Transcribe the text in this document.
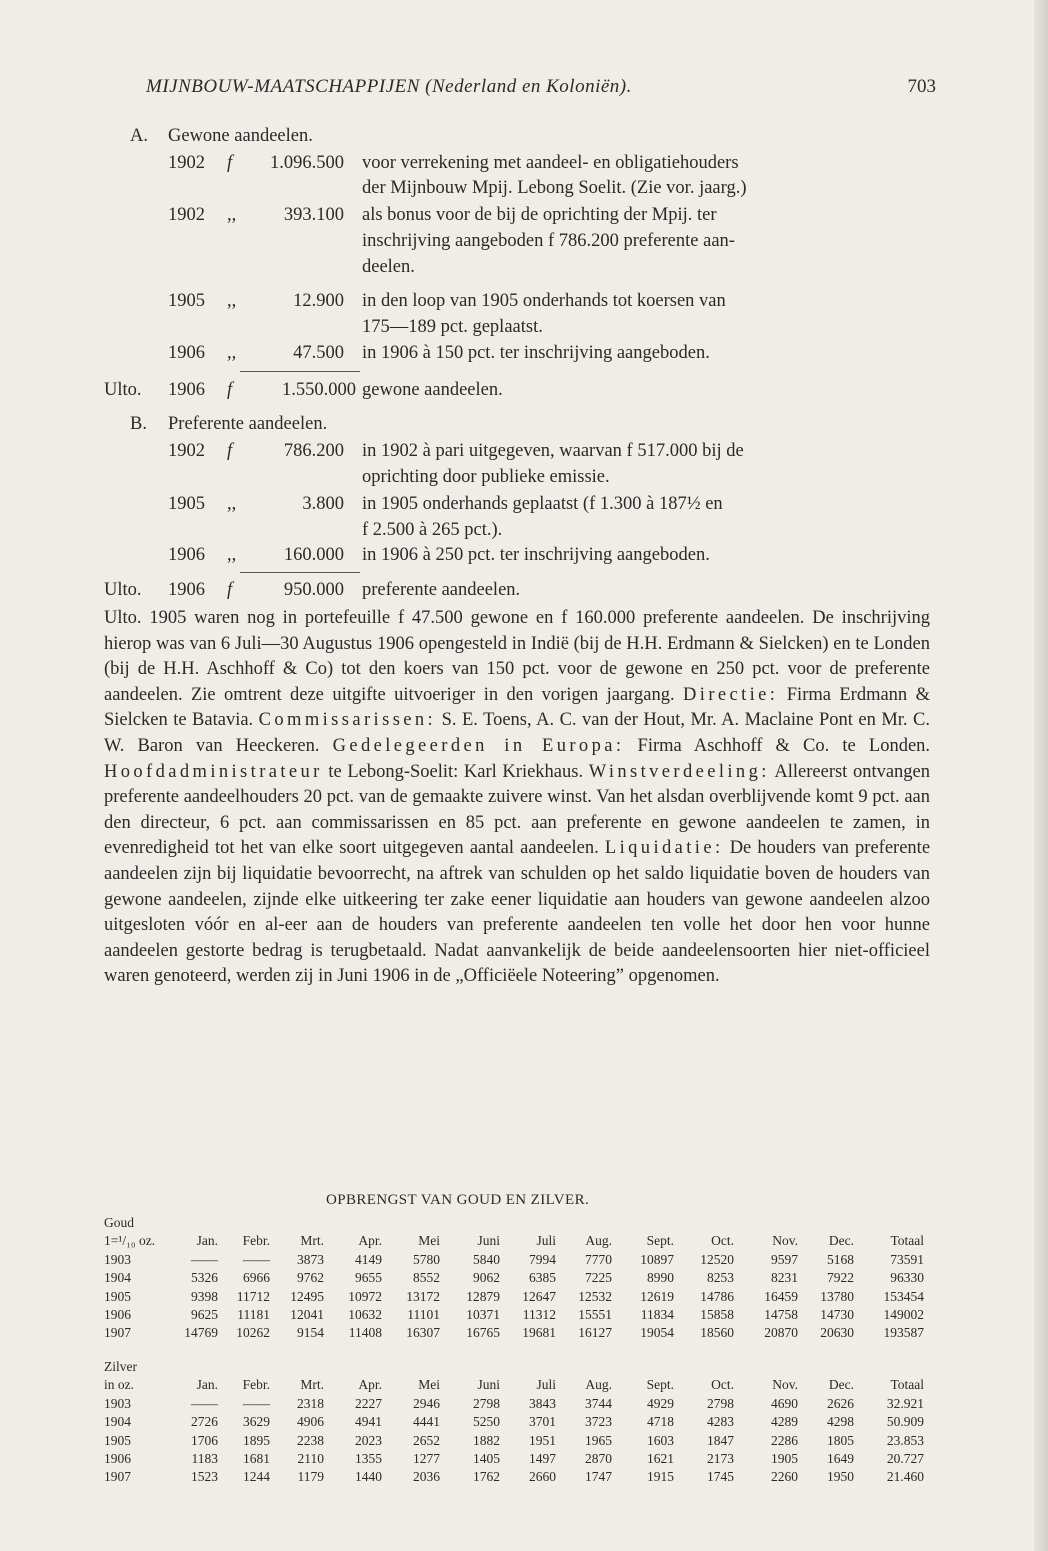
MIJNBOUW-MAATSCHAPPIJEN (Nederland en Koloniën).	703
A. Gewone aandeelen.
1902 f	1.096.500 voor verrekening met aandeel- en obligatiehouders
der Mijnbouw Mpij. Lebong Soelit. (Zie vor. jaarg.)
1902 ,,	393.100 als bonus voor de bij de oprichting der Mpij. ter
inschrijving aangeboden f 786.200 preferente aan-
deelen.
1905 ,,	12.900 in den loop van 1905 onderhands tot koersen van
175—189 pct. geplaatst.
1906 ,,	47.500 in 1906 à 150 pct. ter inschrijving aangeboden.
Ulto. 1906 f	1.550.000 gewone aandeelen.
B. Preferente aandeelen.
1902 f	786.200 in 1902 à pari uitgegeven, waarvan f 517.000 bij de
oprichting door publieke emissie.
1905 ,,	3.800 in 1905 onderhands geplaatst (f 1.300 à 187½ en
f 2.500 à 265 pct.).
1906 ,,	160.000 in 1906 à 250 pct. ter inschrijving aangeboden.
Ulto. 1906 f	950.000 preferente aandeelen.

Ulto. 1905 waren nog in portefeuille f 47.500 gewone en f 160.000 preferente aandeelen. De inschrijving hierop was van 6 Juli—30 Augustus 1906 opengesteld in Indië (bij de H.H. Erdmann & Sielcken) en te Londen (bij de H.H. Aschhoff & Co) tot den koers van 150 pct. voor de gewone en 250 pct. voor de preferente aandeelen. Zie omtrent deze uitgifte uitvoeriger in den vorigen jaargang. Directie: Firma Erdmann & Sielcken te Batavia. Commissarissen: S. E. Toens, A. C. van der Hout, Mr. A. Maclaine Pont en Mr. C. W. Baron van Heeckeren. Gedelegeerden in Europa: Firma Aschhoff & Co. te Londen. Hoofdadministrateur te Lebong-Soelit: Karl Kriekhaus. Winstverdeeling: Allereerst ontvangen preferente aandeelhouders 20 pct. van de gemaakte zuivere winst. Van het alsdan overblijvende komt 9 pct. aan den directeur, 6 pct. aan commissarissen en 85 pct. aan preferente en gewone aandeelen te zamen, in evenredigheid tot het van elke soort uitgegeven aantal aandeelen. Liquidatie: De houders van preferente aandeelen zijn bij liquidatie bevoorrecht, na aftrek van schulden op het saldo liquidatie boven de houders van gewone aandeelen, zijnde elke uitkeering ter zake eener liquidatie aan houders van gewone aandeelen alzoo uitgesloten vóór en al-eer aan de houders van preferente aandeelen ten volle het door hen voor hunne aandeelen gestorte bedrag is terugbetaald. Nadat aanvankelijk de beide aandeelensoorten hier niet-officieel waren genoteerd, werden zij in Juni 1906 in de „Officiëele Noteering” opgenomen.

OPBRENGST VAN GOUD EN ZILVER.
Goud													
1=¹/₁₀ oz.	Jan.	Febr.	Mrt.	Apr.	Mei	Juni	Juli	Aug.	Sept.	Oct.	Nov.	Dec.	Totaal
1903	——	——	3873	4149	5780	5840	7994	7770	10897	12520	9597	5168	73591
1904	5326	6966	9762	9655	8552	9062	6385	7225	8990	8253	8231	7922	96330
1905	9398	11712	12495	10972	13172	12879	12647	12532	12619	14786	16459	13780	153454
1906	9625	11181	12041	10632	11101	10371	11312	15551	11834	15858	14758	14730	149002
1907	14769	10262	9154	11408	16307	16765	19681	16127	19054	18560	20870	20630	193587
Zilver													
in oz.	Jan.	Febr.	Mrt.	Apr.	Mei	Juni	Juli	Aug.	Sept.	Oct.	Nov.	Dec.	Totaal
1903	——	——	2318	2227	2946	2798	3843	3744	4929	2798	4690	2626	32.921
1904	2726	3629	4906	4941	4441	5250	3701	3723	4718	4283	4289	4298	50.909
1905	1706	1895	2238	2023	2652	1882	1951	1965	1603	1847	2286	1805	23.853
1906	1183	1681	2110	1355	1277	1405	1497	2870	1621	2173	1905	1649	20.727
1907	1523	1244	1179	1440	2036	1762	2660	1747	1915	1745	2260	1950	21.460
